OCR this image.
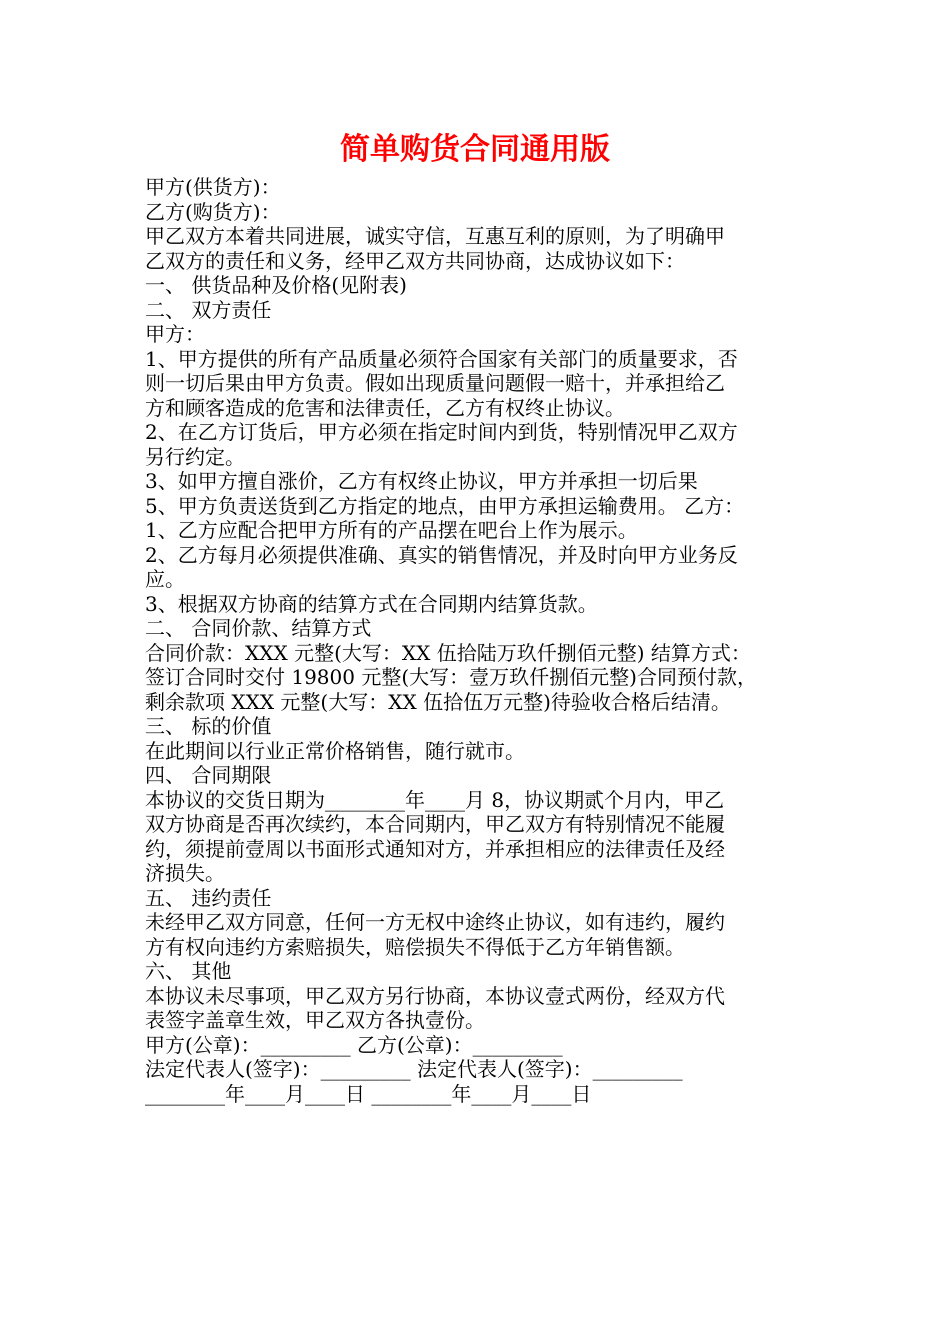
简单购货合同通用版
甲方(供货方)：
乙方(购货方)：
甲乙双方本着共同进展，诚实守信，互惠互利的原则，为了明确甲
乙双方的责任和义务，经甲乙双方共同协商，达成协议如下：
一、 供货品种及价格(见附表)
二、 双方责任
甲方：
1、甲方提供的所有产品质量必须符合国家有关部门的质量要求，否
则一切后果由甲方负责。假如出现质量问题假一赔十，并承担给乙
方和顾客造成的危害和法律责任，乙方有权终止协议。
2、在乙方订货后，甲方必须在指定时间内到货，特别情况甲乙双方
另行约定。
3、如甲方擅自涨价，乙方有权终止协议，甲方并承担一切后果
5、甲方负责送货到乙方指定的地点，由甲方承担运输费用。 乙方：
1、乙方应配合把甲方所有的产品摆在吧台上作为展示。
2、乙方每月必须提供准确、真实的销售情况，并及时向甲方业务反
应。
3、根据双方协商的结算方式在合同期内结算货款。
二、 合同价款、结算方式
合同价款：XXX 元整(大写：XX 伍拾陆万玖仟捌佰元整) 结算方式：
签订合同时交付 19800 元整(大写：壹万玖仟捌佰元整)合同预付款，
剩余款项 XXX 元整(大写：XX 伍拾伍万元整)待验收合格后结清。
三、 标的价值
在此期间以行业正常价格销售，随行就市。
四、 合同期限
本协议的交货日期为________年____月 8，协议期贰个月内，甲乙
双方协商是否再次续约，本合同期内，甲乙双方有特别情况不能履
约，须提前壹周以书面形式通知对方，并承担相应的法律责任及经
济损失。
五、 违约责任
未经甲乙双方同意，任何一方无权中途终止协议，如有违约，履约
方有权向违约方索赔损失，赔偿损失不得低于乙方年销售额。
六、 其他
本协议未尽事项，甲乙双方另行协商，本协议壹式两份，经双方代
表签字盖章生效，甲乙双方各执壹份。
甲方(公章)：_________ 乙方(公章)：_________
法定代表人(签字)：_________ 法定代表人(签字)：_________
________年____月____日 ________年____月____日
